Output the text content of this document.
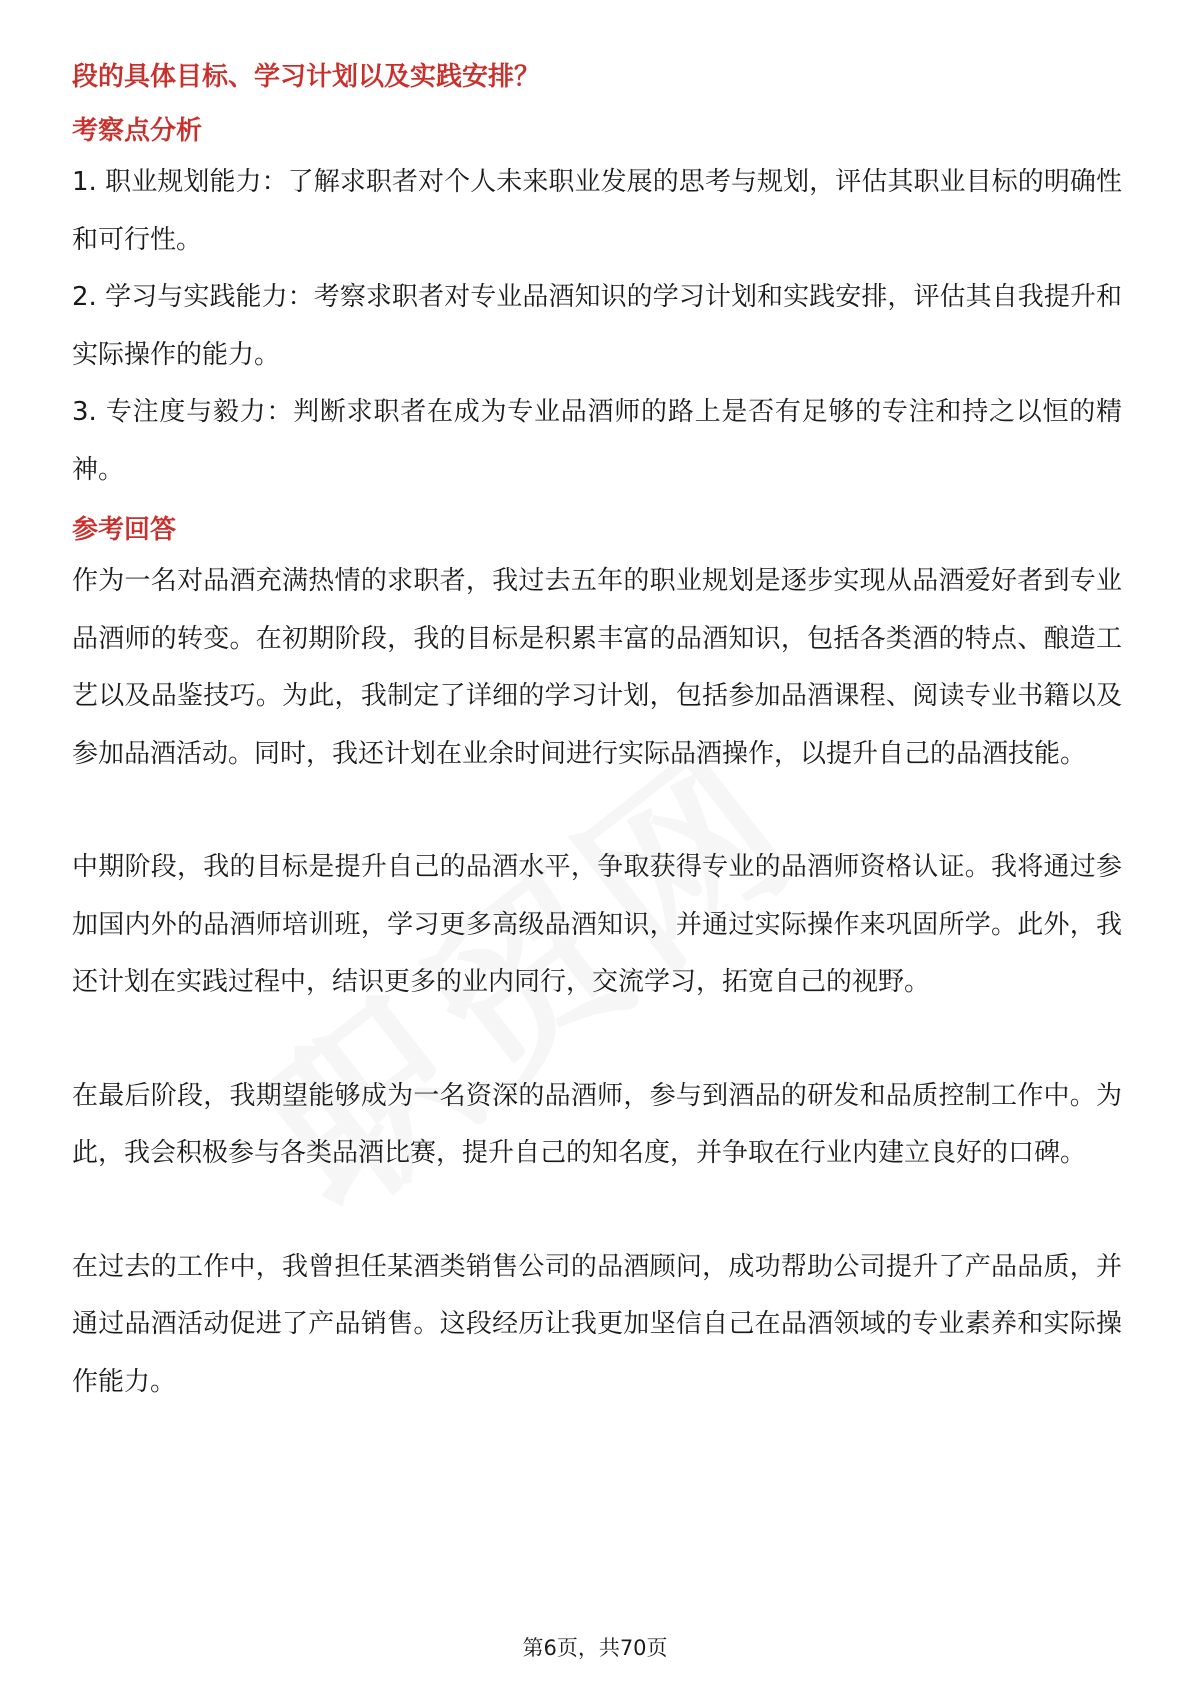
段的具体目标、学习计划以及实践安排？

考察点分析

1. 职业规划能力：了解求职者对个人未来职业发展的思考与规划，评估其职业目标的明确性和可行性。

2. 学习与实践能力：考察求职者对专业品酒知识的学习计划和实践安排，评估其自我提升和实际操作的能力。

3. 专注度与毅力：判断求职者在成为专业品酒师的路上是否有足够的专注和持之以恒的精神。

参考回答

作为一名对品酒充满热情的求职者，我过去五年的职业规划是逐步实现从品酒爱好者到专业品酒师的转变。在初期阶段，我的目标是积累丰富的品酒知识，包括各类酒的特点、酿造工艺以及品鉴技巧。为此，我制定了详细的学习计划，包括参加品酒课程、阅读专业书籍以及参加品酒活动。同时，我还计划在业余时间进行实际品酒操作，以提升自己的品酒技能。

中期阶段，我的目标是提升自己的品酒水平，争取获得专业的品酒师资格认证。我将通过参加国内外的品酒师培训班，学习更多高级品酒知识，并通过实际操作来巩固所学。此外，我还计划在实践过程中，结识更多的业内同行，交流学习，拓宽自己的视野。

在最后阶段，我期望能够成为一名资深的品酒师，参与到酒品的研发和品质控制工作中。为此，我会积极参与各类品酒比赛，提升自己的知名度，并争取在行业内建立良好的口碑。

在过去的工作中，我曾担任某酒类销售公司的品酒顾问，成功帮助公司提升了产品品质，并通过品酒活动促进了产品销售。这段经历让我更加坚信自己在品酒领域的专业素养和实际操作能力。

第6页，共70页
